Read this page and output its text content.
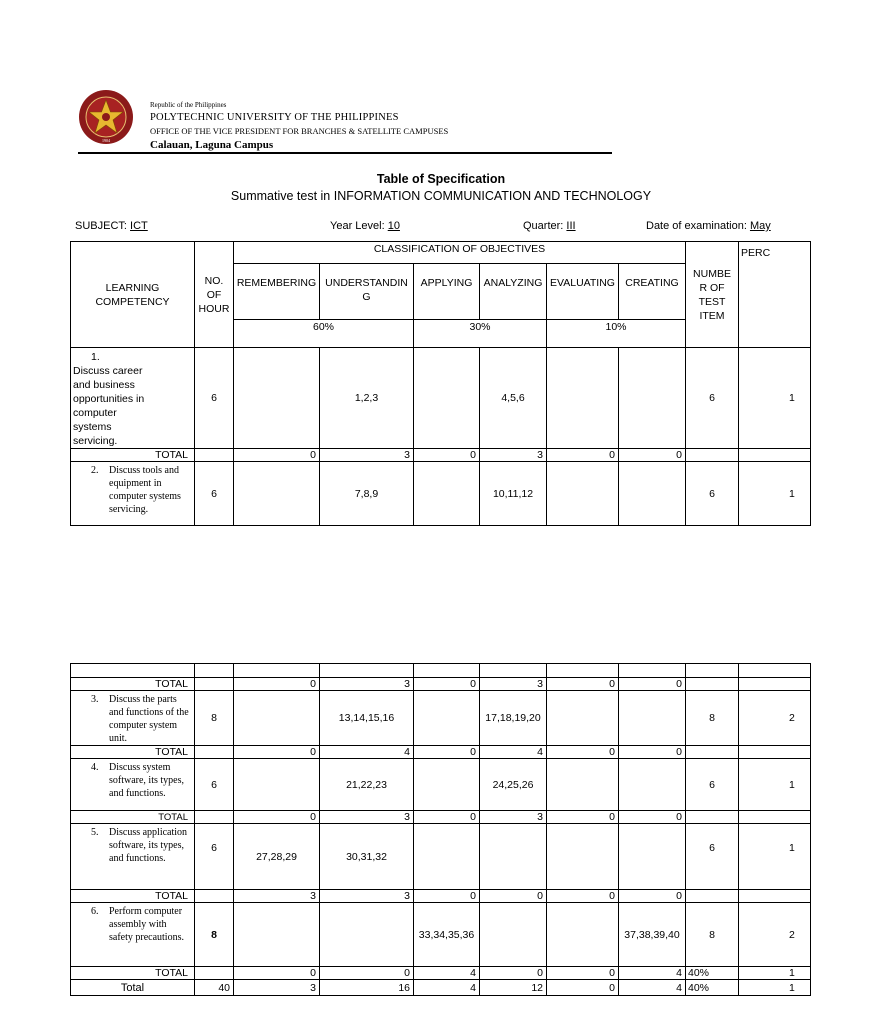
1904
Republic of the Philippines
POLYTECHNIC UNIVERSITY OF THE PHILIPPINES
OFFICE OF THE VICE PRESIDENT FOR BRANCHES & SATELLITE CAMPUSES
Calauan, Laguna Campus
Table of Specification
Summative test in INFORMATION COMMUNICATION AND TECHNOLOGY
SUBJECT: ICT	Year Level: 10	Quarter: III	Date of examination: May
LEARNING COMPETENCY	NO. OF HOUR	CLASSIFICATION OF OBJECTIVES						NUMBE R OF TEST ITEM	PERC
		REMEMBERING	UNDERSTANDIN G	APPLYING	ANALYZING	EVALUATING	CREATING		
		60%		30%		10%			
1.Discuss career and business opportunities in computer systems servicing.	6		1,2,3		4,5,6			6	1
TOTAL		0	3	0	3	0	0		
2. Discuss tools and equipment in computer systems servicing.	6		7,8,9		10,11,12			6	1

TOTAL		0	3	0	3	0	0		
3. Discuss the parts and functions of the computer system unit.	8		13,14,15,16		17,18,19,20			8	2
TOTAL		0	4	0	4	0	0		
4. Discuss system software, its types, and functions.	6		21,22,23		24,25,26			6	1
TOTAL		0	3	0	3	0	0		
5. Discuss application software, its types, and functions.	6	27,28,29	30,31,32					6	1
TOTAL		3	3	0	0	0	0		
6. Perform computer assembly with safety precautions.	8			33,34,35,36			37,38,39,40	8	2
TOTAL		0	0	4	0	0	4	40%	1
Total	40	3	16	4	12	0	4	40%	1
